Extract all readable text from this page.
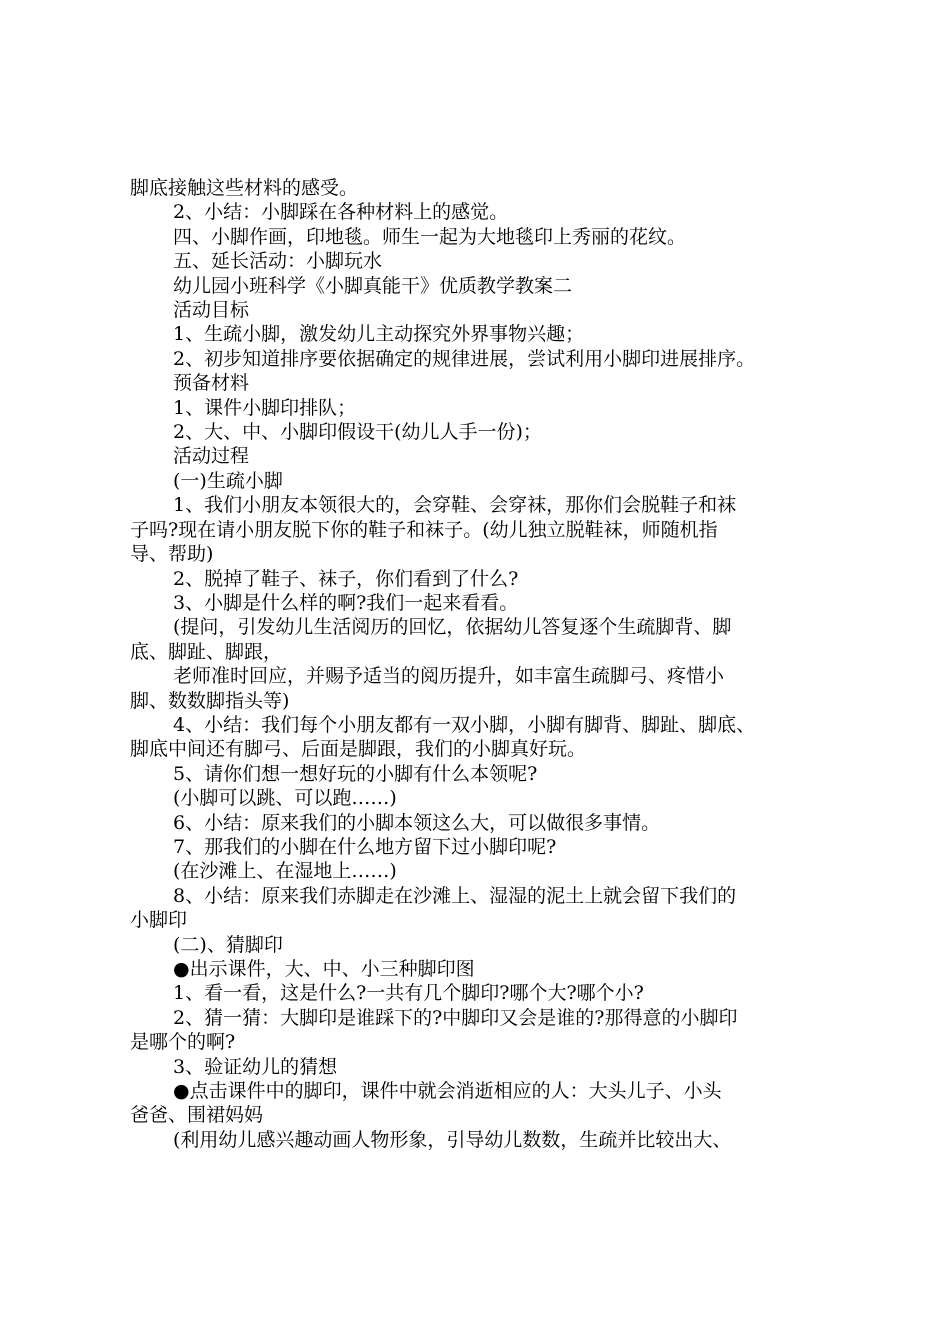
脚底接触这些材料的感受。
2、小结：小脚踩在各种材料上的感觉。
四、小脚作画，印地毯。师生一起为大地毯印上秀丽的花纹。
五、延长活动：小脚玩水
幼儿园小班科学《小脚真能干》优质教学教案二
活动目标
1、生疏小脚，激发幼儿主动探究外界事物兴趣；
2、初步知道排序要依据确定的规律进展，尝试利用小脚印进展排序。
预备材料
1、课件小脚印排队；
2、大、中、小脚印假设干(幼儿人手一份)；
活动过程
(一)生疏小脚
1、我们小朋友本领很大的，会穿鞋、会穿袜，那你们会脱鞋子和袜
子吗?现在请小朋友脱下你的鞋子和袜子。(幼儿独立脱鞋袜，师随机指
导、帮助)
2、脱掉了鞋子、袜子，你们看到了什么?
3、小脚是什么样的啊?我们一起来看看。
(提问，引发幼儿生活阅历的回忆，依据幼儿答复逐个生疏脚背、脚
底、脚趾、脚跟，
老师准时回应，并赐予适当的阅历提升，如丰富生疏脚弓、疼惜小
脚、数数脚指头等)
4、小结：我们每个小朋友都有一双小脚，小脚有脚背、脚趾、脚底、
脚底中间还有脚弓、后面是脚跟，我们的小脚真好玩。
5、请你们想一想好玩的小脚有什么本领呢?
(小脚可以跳、可以跑……)
6、小结：原来我们的小脚本领这么大，可以做很多事情。
7、那我们的小脚在什么地方留下过小脚印呢?
(在沙滩上、在湿地上……)
8、小结：原来我们赤脚走在沙滩上、湿湿的泥土上就会留下我们的
小脚印
(二)、猜脚印
●出示课件，大、中、小三种脚印图
1、看一看，这是什么?一共有几个脚印?哪个大?哪个小?
2、猜一猜：大脚印是谁踩下的?中脚印又会是谁的?那得意的小脚印
是哪个的啊?
3、验证幼儿的猜想
●点击课件中的脚印，课件中就会消逝相应的人：大头儿子、小头
爸爸、围裙妈妈
(利用幼儿感兴趣动画人物形象，引导幼儿数数，生疏并比较出大、
